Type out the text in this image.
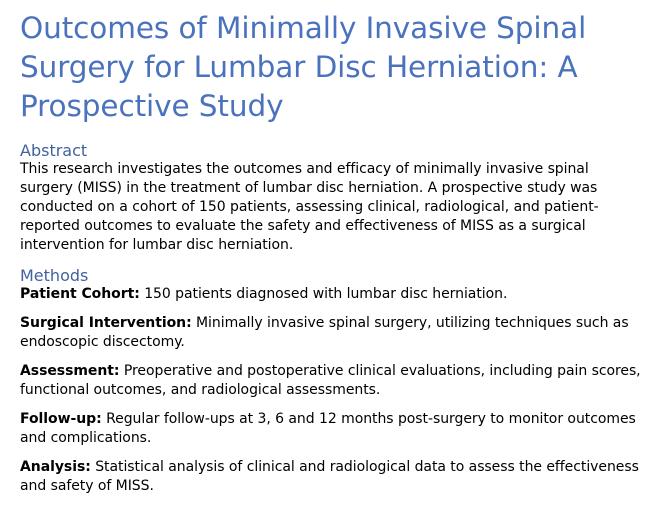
Outcomes of Minimally Invasive Spinal Surgery for Lumbar Disc Herniation: A Prospective Study
Abstract

This research investigates the outcomes and efficacy of minimally invasive spinal surgery (MISS) in the treatment of lumbar disc herniation. A prospective study was conducted on a cohort of 150 patients, assessing clinical, radiological, and patient-reported outcomes to evaluate the safety and effectiveness of MISS as a surgical intervention for lumbar disc herniation.

Methods

Patient Cohort: 150 patients diagnosed with lumbar disc herniation.

Surgical Intervention: Minimally invasive spinal surgery, utilizing techniques such as endoscopic discectomy.

Assessment: Preoperative and postoperative clinical evaluations, including pain scores, functional outcomes, and radiological assessments.

Follow-up: Regular follow-ups at 3, 6 and 12 months post-surgery to monitor outcomes and complications.

Analysis: Statistical analysis of clinical and radiological data to assess the effectiveness and safety of MISS.
